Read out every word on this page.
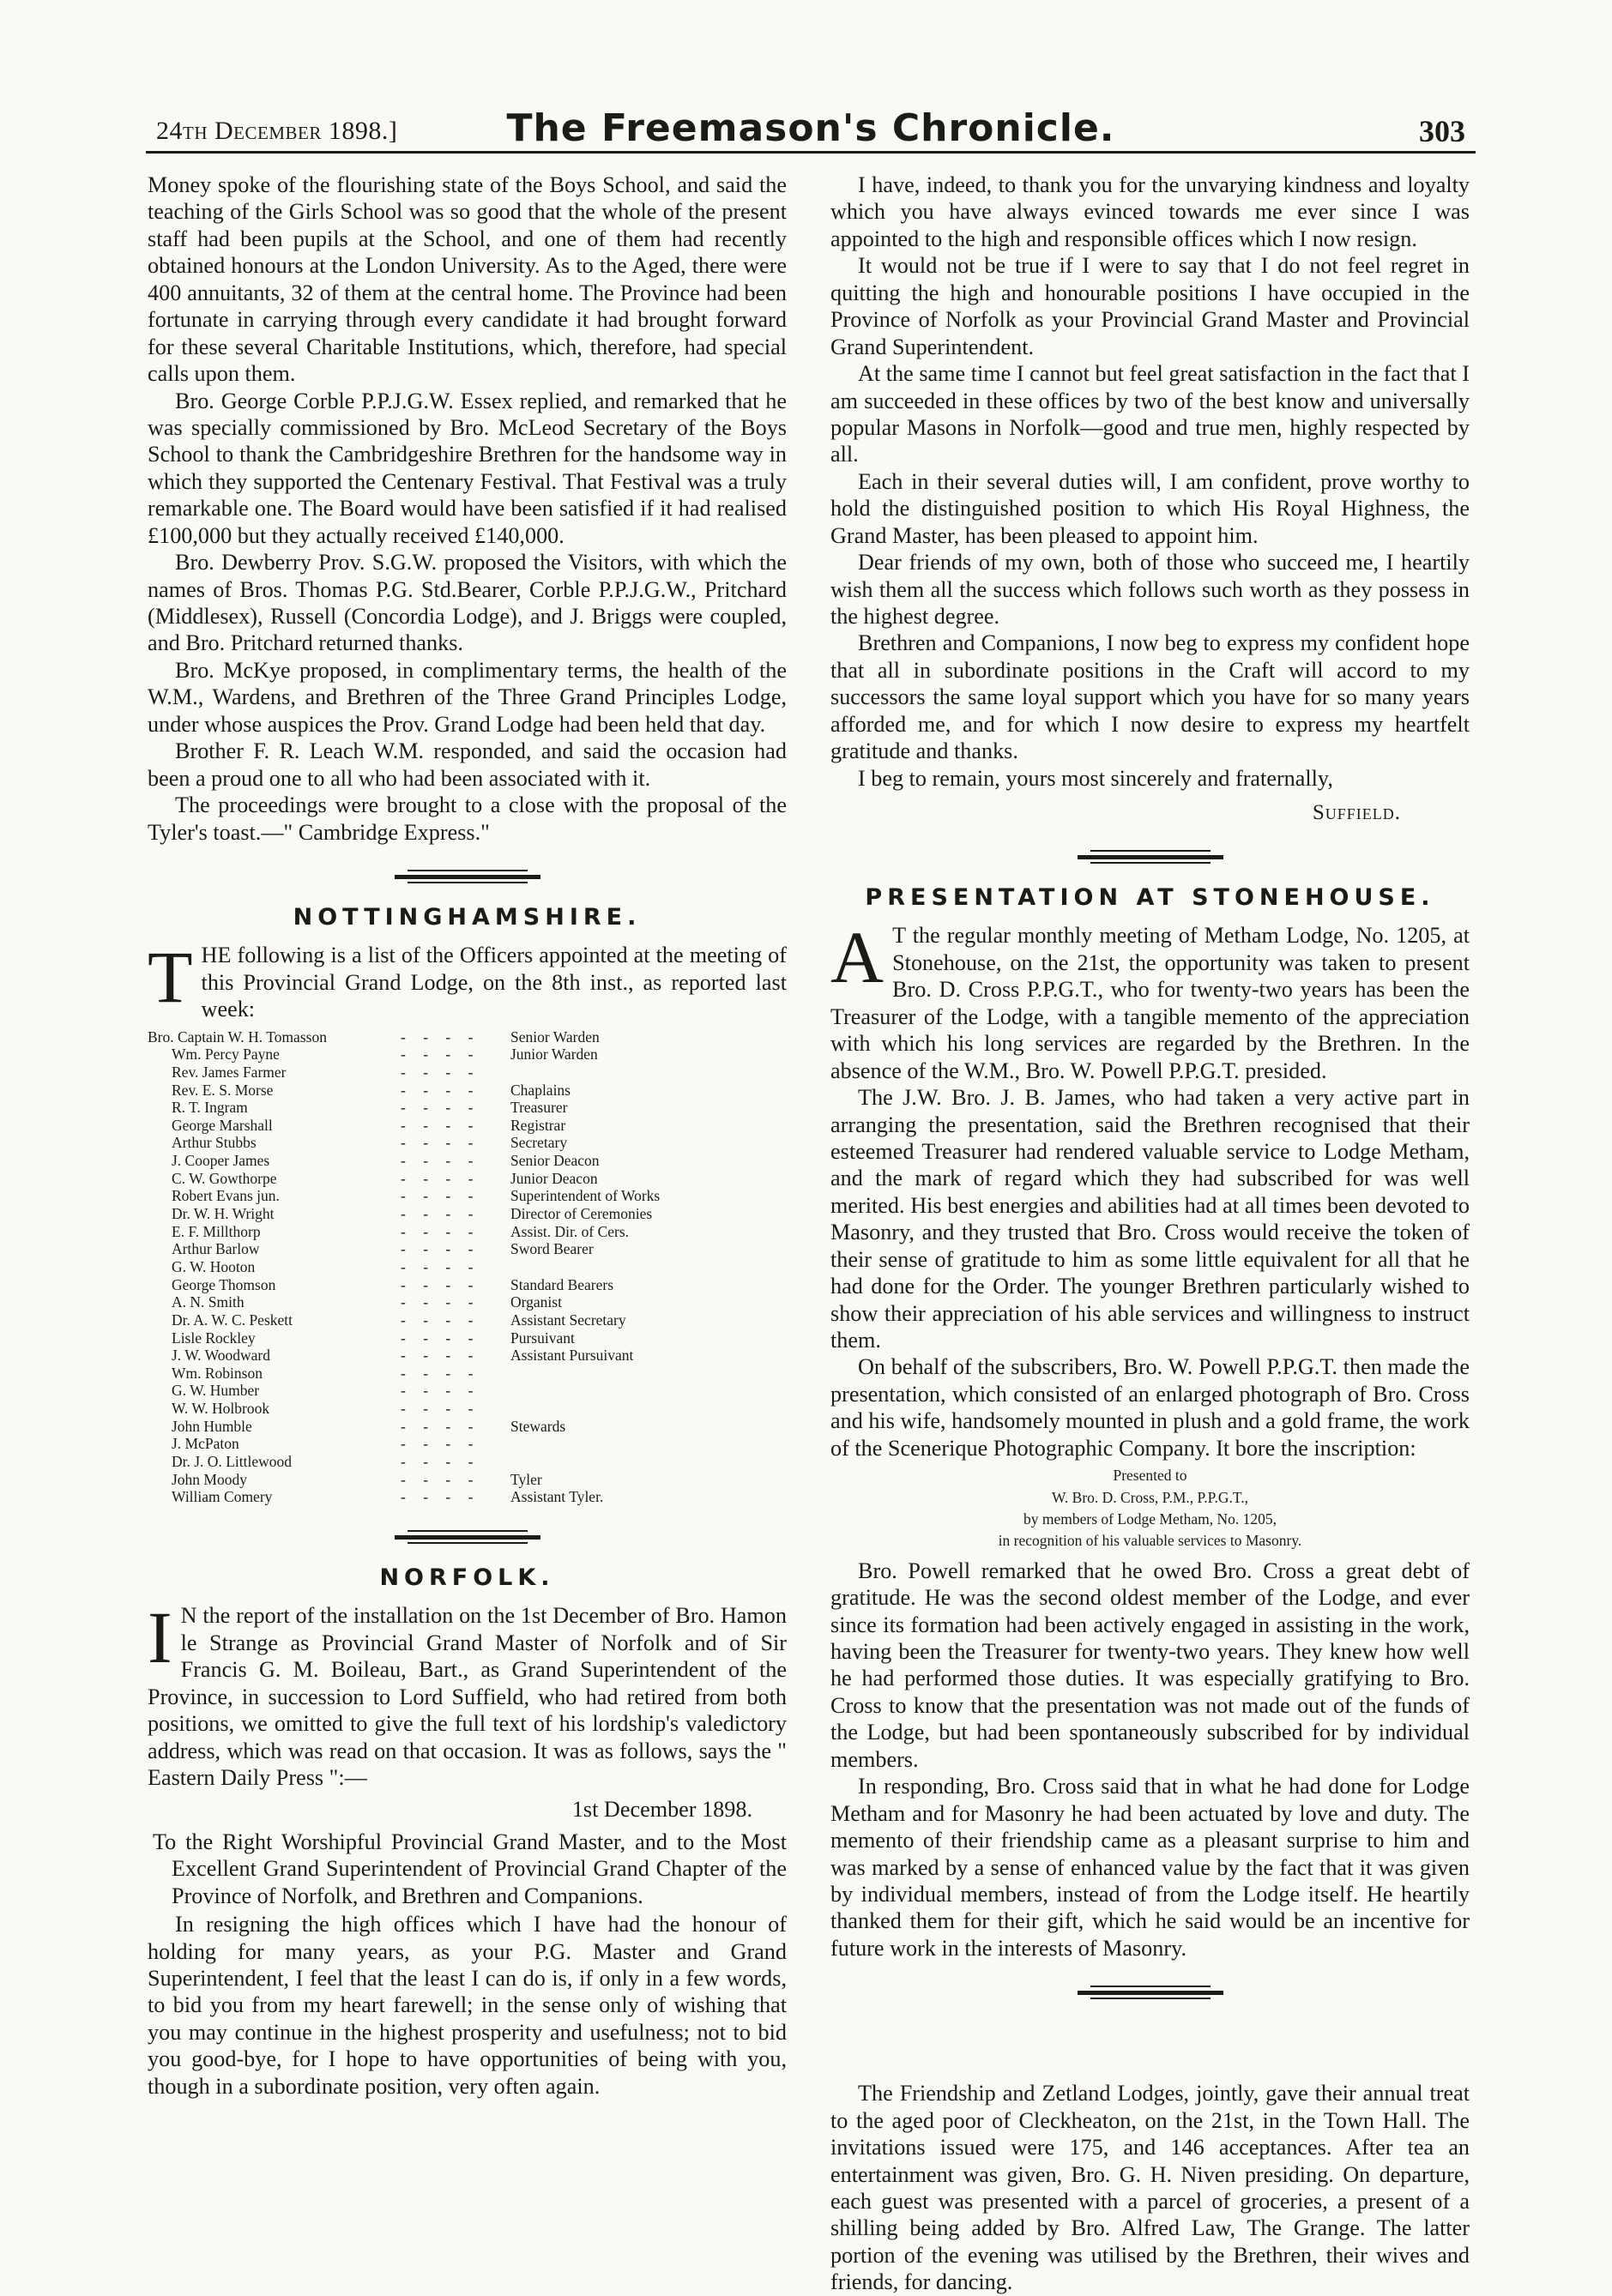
24th December 1898.]	The Freemason's Chronicle.	303

Money spoke of the flourishing state of the Boys School, and said the teaching of the Girls School was so good that the whole of the present staff had been pupils at the School, and one of them had recently obtained honours at the London University. As to the Aged, there were 400 annuitants, 32 of them at the central home. The Province had been fortunate in carrying through every candidate it had brought forward for these several Charitable Institutions, which, therefore, had special calls upon them.

Bro. George Corble P.P.J.G.W. Essex replied, and remarked that he was specially commissioned by Bro. McLeod Secretary of the Boys School to thank the Cambridgeshire Brethren for the handsome way in which they supported the Centenary Festival. That Festival was a truly remarkable one. The Board would have been satisfied if it had realised £100,000 but they actually received £140,000.

Bro. Dewberry Prov. S.G.W. proposed the Visitors, with which the names of Bros. Thomas P.G. Std.Bearer, Corble P.P.J.G.W., Pritchard (Middlesex), Russell (Concordia Lodge), and J. Briggs were coupled, and Bro. Pritchard returned thanks.

Bro. McKye proposed, in complimentary terms, the health of the W.M., Wardens, and Brethren of the Three Grand Principles Lodge, under whose auspices the Prov. Grand Lodge had been held that day.

Brother F. R. Leach W.M. responded, and said the occasion had been a proud one to all who had been associated with it.

The proceedings were brought to a close with the proposal of the Tyler's toast.—" Cambridge Express."

NOTTINGHAMSHIRE.

THE following is a list of the Officers appointed at the meeting of this Provincial Grand Lodge, on the 8th inst., as reported last week:

Bro. Captain W. H. Tomasson	- - - -	Senior Warden
Wm. Percy Payne	- - - -	Junior Warden
Rev. James Farmer	- - - -
Rev. E. S. Morse	- - - -	Chaplains
R. T. Ingram	- - - -	Treasurer
George Marshall	- - - -	Registrar
Arthur Stubbs	- - - -	Secretary
J. Cooper James	- - - -	Senior Deacon
C. W. Gowthorpe	- - - -	Junior Deacon
Robert Evans jun.	- - - -	Superintendent of Works
Dr. W. H. Wright	- - - -	Director of Ceremonies
E. F. Millthorp	- - - -	Assist. Dir. of Cers.
Arthur Barlow	- - - -	Sword Bearer
G. W. Hooton	- - - -
George Thomson	- - - -	Standard Bearers
A. N. Smith	- - - -	Organist
Dr. A. W. C. Peskett	- - - -	Assistant Secretary
Lisle Rockley	- - - -	Pursuivant
J. W. Woodward	- - - -	Assistant Pursuivant
Wm. Robinson	- - - -
G. W. Humber	- - - -
W. W. Holbrook	- - - -
John Humble	- - - -	Stewards
J. McPaton	- - - -
Dr. J. O. Littlewood	- - - -
John Moody	- - - -	Tyler
William Comery	- - - -	Assistant Tyler.
NORFOLK.

I N the report of the installation on the 1st December of Bro. Hamon le Strange as Provincial Grand Master of Norfolk and of Sir Francis G. M. Boileau, Bart., as Grand Superintendent of the Province, in succession to Lord Suffield, who had retired from both positions, we omitted to give the full text of his lordship's valedictory address, which was read on that occasion. It was as follows, says the " Eastern Daily Press ":—

1st December 1898.
To the Right Worshipful Provincial Grand Master, and to the Most Excellent Grand Superintendent of Provincial Grand Chapter of the Province of Norfolk, and Brethren and Companions.

In resigning the high offices which I have had the honour of holding for many years, as your P.G. Master and Grand Superintendent, I feel that the least I can do is, if only in a few words, to bid you from my heart farewell; in the sense only of wishing that you may continue in the highest prosperity and usefulness; not to bid you good-bye, for I hope to have opportunities of being with you, though in a subordinate position, very often again.

I have, indeed, to thank you for the unvarying kindness and loyalty which you have always evinced towards me ever since I was appointed to the high and responsible offices which I now resign.

It would not be true if I were to say that I do not feel regret in quitting the high and honourable positions I have occupied in the Province of Norfolk as your Provincial Grand Master and Provincial Grand Superintendent.

At the same time I cannot but feel great satisfaction in the fact that I am succeeded in these offices by two of the best know and universally popular Masons in Norfolk—good and true men, highly respected by all.

Each in their several duties will, I am confident, prove worthy to hold the distinguished position to which His Royal Highness, the Grand Master, has been pleased to appoint him.

Dear friends of my own, both of those who succeed me, I heartily wish them all the success which follows such worth as they possess in the highest degree.

Brethren and Companions, I now beg to express my confident hope that all in subordinate positions in the Craft will accord to my successors the same loyal support which you have for so many years afforded me, and for which I now desire to express my heartfelt gratitude and thanks.

I beg to remain, yours most sincerely and fraternally,

Suffield.
PRESENTATION AT STONEHOUSE.

A T the regular monthly meeting of Metham Lodge, No. 1205, at Stonehouse, on the 21st, the opportunity was taken to present Bro. D. Cross P.P.G.T., who for twenty-two years has been the Treasurer of the Lodge, with a tangible memento of the appreciation with which his long services are regarded by the Brethren. In the absence of the W.M., Bro. W. Powell P.P.G.T. presided.

The J.W. Bro. J. B. James, who had taken a very active part in arranging the presentation, said the Brethren recognised that their esteemed Treasurer had rendered valuable service to Lodge Metham, and the mark of regard which they had subscribed for was well merited. His best energies and abilities had at all times been devoted to Masonry, and they trusted that Bro. Cross would receive the token of their sense of gratitude to him as some little equivalent for all that he had done for the Order. The younger Brethren particularly wished to show their appreciation of his able services and willingness to instruct them.

On behalf of the subscribers, Bro. W. Powell P.P.G.T. then made the presentation, which consisted of an enlarged photograph of Bro. Cross and his wife, handsomely mounted in plush and a gold frame, the work of the Scenerique Photographic Company. It bore the inscription:

Presented to
W. Bro. D. Cross, P.M., P.P.G.T.,
by members of Lodge Metham, No. 1205,
in recognition of his valuable services to Masonry.

Bro. Powell remarked that he owed Bro. Cross a great debt of gratitude. He was the second oldest member of the Lodge, and ever since its formation had been actively engaged in assisting in the work, having been the Treasurer for twenty-two years. They knew how well he had performed those duties. It was especially gratifying to Bro. Cross to know that the presentation was not made out of the funds of the Lodge, but had been spontaneously subscribed for by individual members.

In responding, Bro. Cross said that in what he had done for Lodge Metham and for Masonry he had been actuated by love and duty. The memento of their friendship came as a pleasant surprise to him and was marked by a sense of enhanced value by the fact that it was given by individual members, instead of from the Lodge itself. He heartily thanked them for their gift, which he said would be an incentive for future work in the interests of Masonry.

The Friendship and Zetland Lodges, jointly, gave their annual treat to the aged poor of Cleckheaton, on the 21st, in the Town Hall. The invitations issued were 175, and 146 acceptances. After tea an entertainment was given, Bro. G. H. Niven presiding. On departure, each guest was presented with a parcel of groceries, a present of a shilling being added by Bro. Alfred Law, The Grange. The latter portion of the evening was utilised by the Brethren, their wives and friends, for dancing.
